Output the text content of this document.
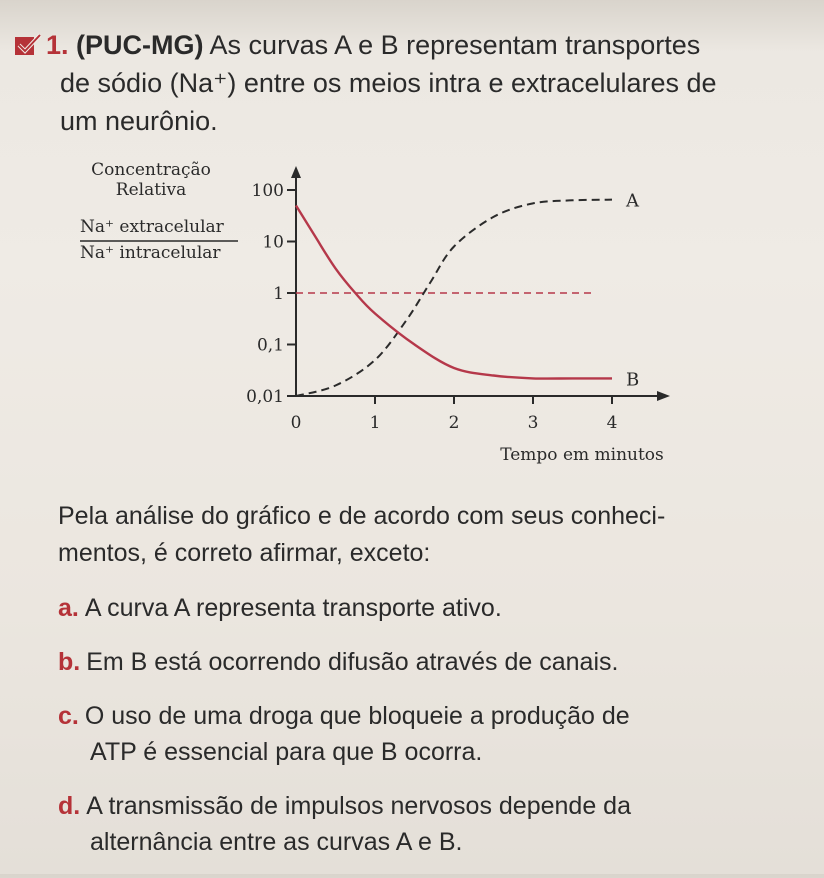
1. (PUC-MG) As curvas A e B representam transportes
de sódio (Na⁺) entre os meios intra e extracelulares de
um neurônio.
Concentração
Relativa
Na⁺ extracelular
Na⁺ intracelular
Tempo em minutos
100
10
1
0,1
0,01
0	1	2	3	4
A
B
Pela análise do gráfico e de acordo com seus conheci-
mentos, é correto afirmar, exceto:
a. A curva A representa transporte ativo.
b. Em B está ocorrendo difusão através de canais.
c. O uso de uma droga que bloqueie a produção de
ATP é essencial para que B ocorra.
d. A transmissão de impulsos nervosos depende da
alternância entre as curvas A e B.
